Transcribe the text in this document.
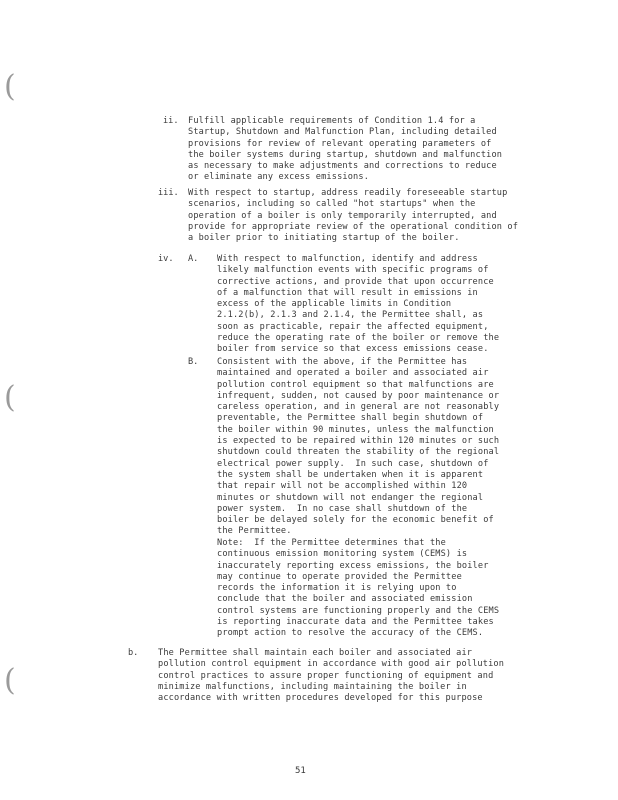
(
(
(
ii. Fulfill applicable requirements of Condition 1.4 for a
Startup, Shutdown and Malfunction Plan, including detailed
provisions for review of relevant operating parameters of
the boiler systems during startup, shutdown and malfunction
as necessary to make adjustments and corrections to reduce
or eliminate any excess emissions.
iii. With respect to startup, address readily foreseeable startup
scenarios, including so called "hot startups" when the
operation of a boiler is only temporarily interrupted, and
provide for appropriate review of the operational condition of
a boiler prior to initiating startup of the boiler.
iv. A. With respect to malfunction, identify and address
likely malfunction events with specific programs of
corrective actions, and provide that upon occurrence
of a malfunction that will result in emissions in
excess of the applicable limits in Condition
2.1.2(b), 2.1.3 and 2.1.4, the Permittee shall, as
soon as practicable, repair the affected equipment,
reduce the operating rate of the boiler or remove the
boiler from service so that excess emissions cease.
B. Consistent with the above, if the Permittee has
maintained and operated a boiler and associated air
pollution control equipment so that malfunctions are
infrequent, sudden, not caused by poor maintenance or
careless operation, and in general are not reasonably
preventable, the Permittee shall begin shutdown of
the boiler within 90 minutes, unless the malfunction
is expected to be repaired within 120 minutes or such
shutdown could threaten the stability of the regional
electrical power supply.  In such case, shutdown of
the system shall be undertaken when it is apparent
that repair will not be accomplished within 120
minutes or shutdown will not endanger the regional
power system.  In no case shall shutdown of the
boiler be delayed solely for the economic benefit of
the Permittee.
Note:  If the Permittee determines that the
continuous emission monitoring system (CEMS) is
inaccurately reporting excess emissions, the boiler
may continue to operate provided the Permittee
records the information it is relying upon to
conclude that the boiler and associated emission
control systems are functioning properly and the CEMS
is reporting inaccurate data and the Permittee takes
prompt action to resolve the accuracy of the CEMS.
b. The Permittee shall maintain each boiler and associated air
pollution control equipment in accordance with good air pollution
control practices to assure proper functioning of equipment and
minimize malfunctions, including maintaining the boiler in
accordance with written procedures developed for this purpose
51
